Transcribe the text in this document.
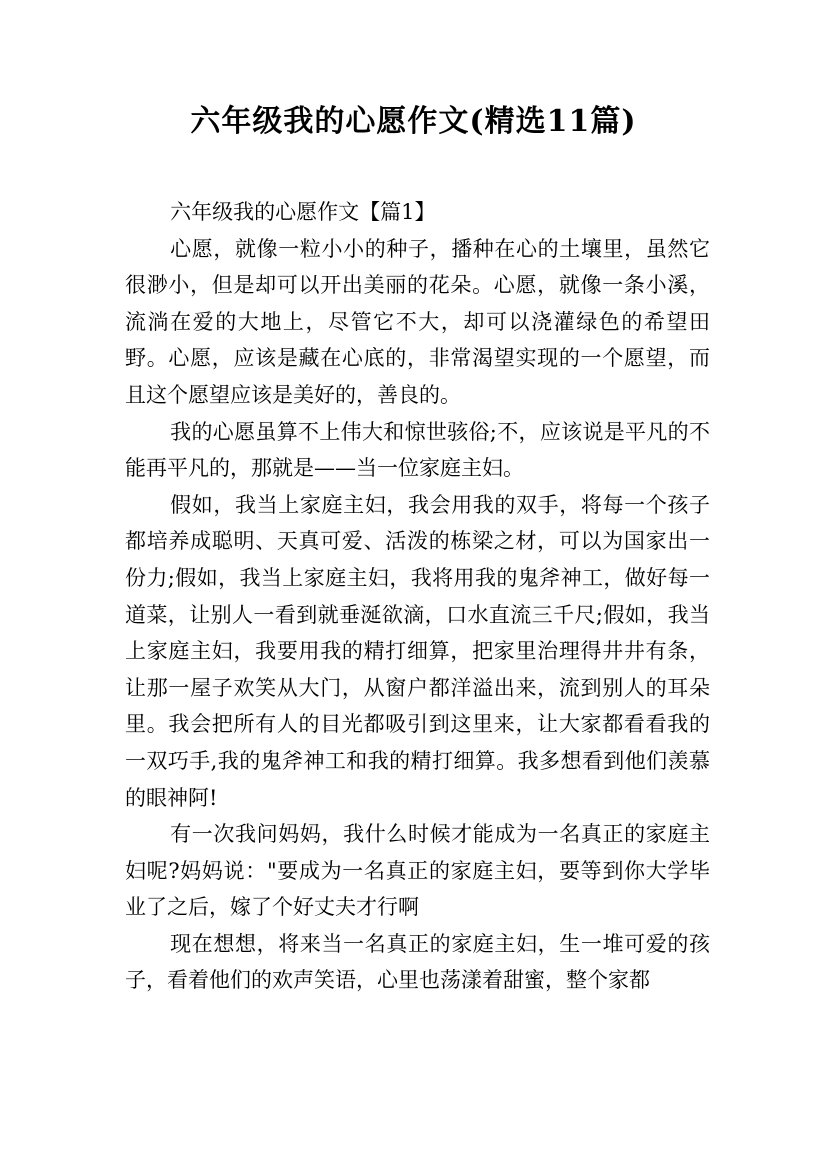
六年级我的心愿作文(精选11篇)

六年级我的心愿作文【篇1】

心愿，就像一粒小小的种子，播种在心的土壤里，虽然它很渺小，但是却可以开出美丽的花朵。心愿，就像一条小溪，流淌在爱的大地上，尽管它不大，却可以浇灌绿色的希望田野。心愿，应该是藏在心底的，非常渴望实现的一个愿望，而且这个愿望应该是美好的，善良的。

我的心愿虽算不上伟大和惊世骇俗;不，应该说是平凡的不能再平凡的，那就是——当一位家庭主妇。

假如，我当上家庭主妇，我会用我的双手，将每一个孩子都培养成聪明、天真可爱、活泼的栋梁之材，可以为国家出一份力;假如，我当上家庭主妇，我将用我的鬼斧神工，做好每一道菜，让别人一看到就垂涎欲滴，口水直流三千尺;假如，我当上家庭主妇，我要用我的精打细算，把家里治理得井井有条，让那一屋子欢笑从大门，从窗户都洋溢出来，流到别人的耳朵里。我会把所有人的目光都吸引到这里来，让大家都看看我的一双巧手,我的鬼斧神工和我的精打细算。我多想看到他们羡慕的眼神阿!

有一次我问妈妈，我什么时候才能成为一名真正的家庭主妇呢?妈妈说："要成为一名真正的家庭主妇，要等到你大学毕业了之后，嫁了个好丈夫才行啊

现在想想，将来当一名真正的家庭主妇，生一堆可爱的孩子，看着他们的欢声笑语，心里也荡漾着甜蜜，整个家都
